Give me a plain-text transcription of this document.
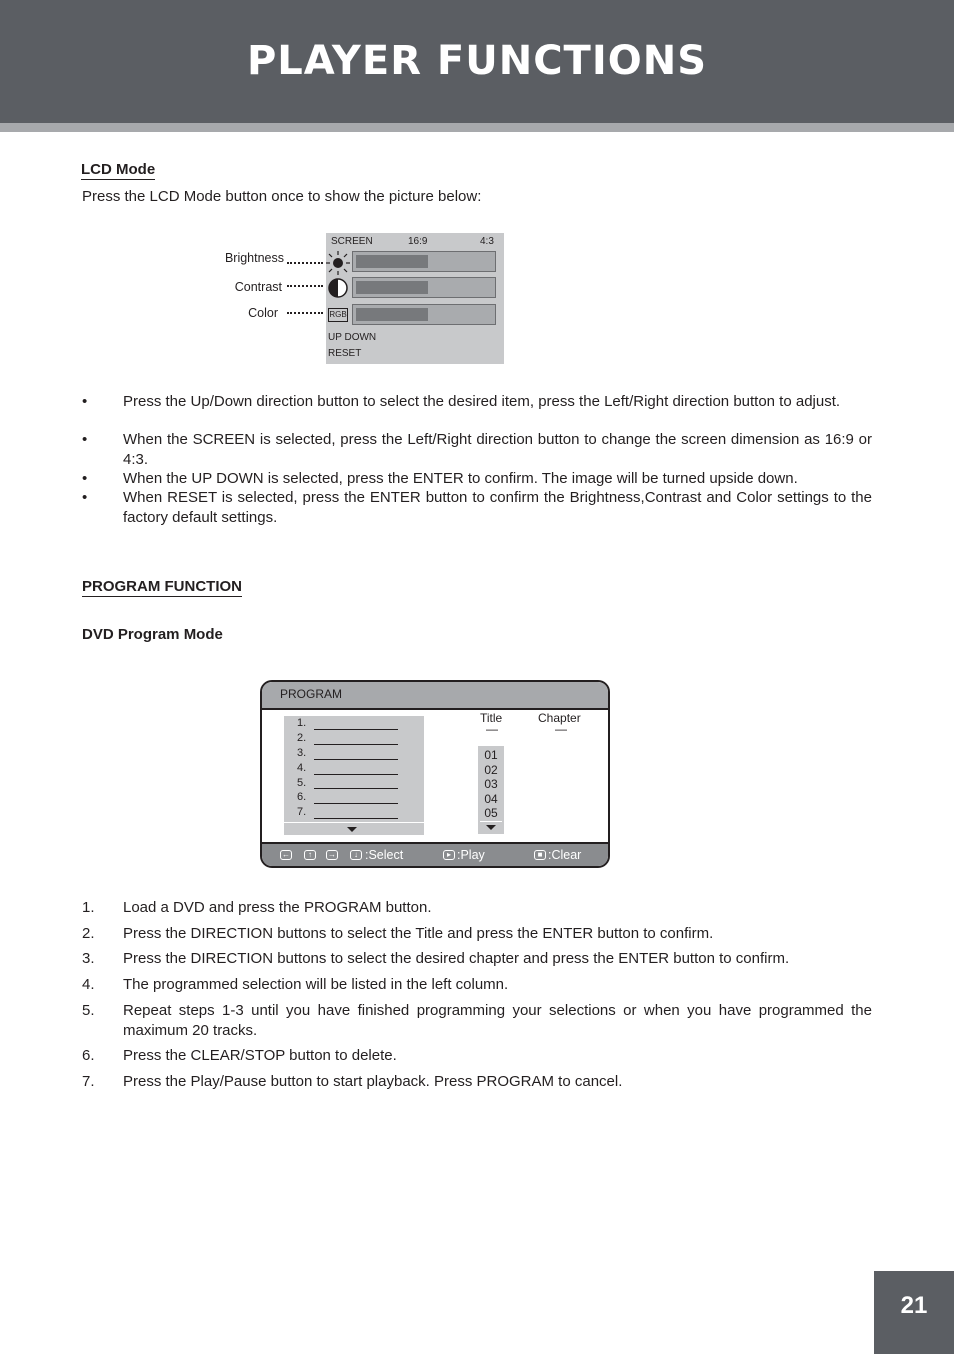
PLAYER FUNCTIONS
LCD Mode
Press the LCD Mode button once to show the picture below:
Brightness
Contrast
Color
SCREEN	16:9	4:3
RGB
UP DOWN
RESET
• Press the Up/Down direction button to select the desired item, press the Left/Right direction button to adjust.
• When the SCREEN is selected, press the Left/Right direction button to change the screen dimension as 16:9 or 4:3.
• When the UP DOWN is selected, press the ENTER to confirm. The image will be turned upside down.
• When RESET is selected, press the ENTER button to confirm the Brightness,Contrast and Color settings to the factory default settings.
PROGRAM FUNCTION
DVD Program Mode
PROGRAM
1.
2.
3.
4.
5.
6.
7.
Title
—
Chapter
—
01
02
03
04
05
←	↑	→	↓ :Select	▸ :Play	■ :Clear
1. Load a DVD and press the PROGRAM button.
2. Press the DIRECTION buttons to select the Title and press the ENTER button to confirm.
3. Press the DIRECTION buttons to select the desired chapter and press the ENTER button to confirm.
4. The programmed selection will be listed in the left column.
5. Repeat steps 1-3 until you have finished programming your selections or when you have programmed the maximum 20 tracks.
6. Press the CLEAR/STOP button to delete.
7. Press the Play/Pause button to start playback. Press PROGRAM to cancel.
21
